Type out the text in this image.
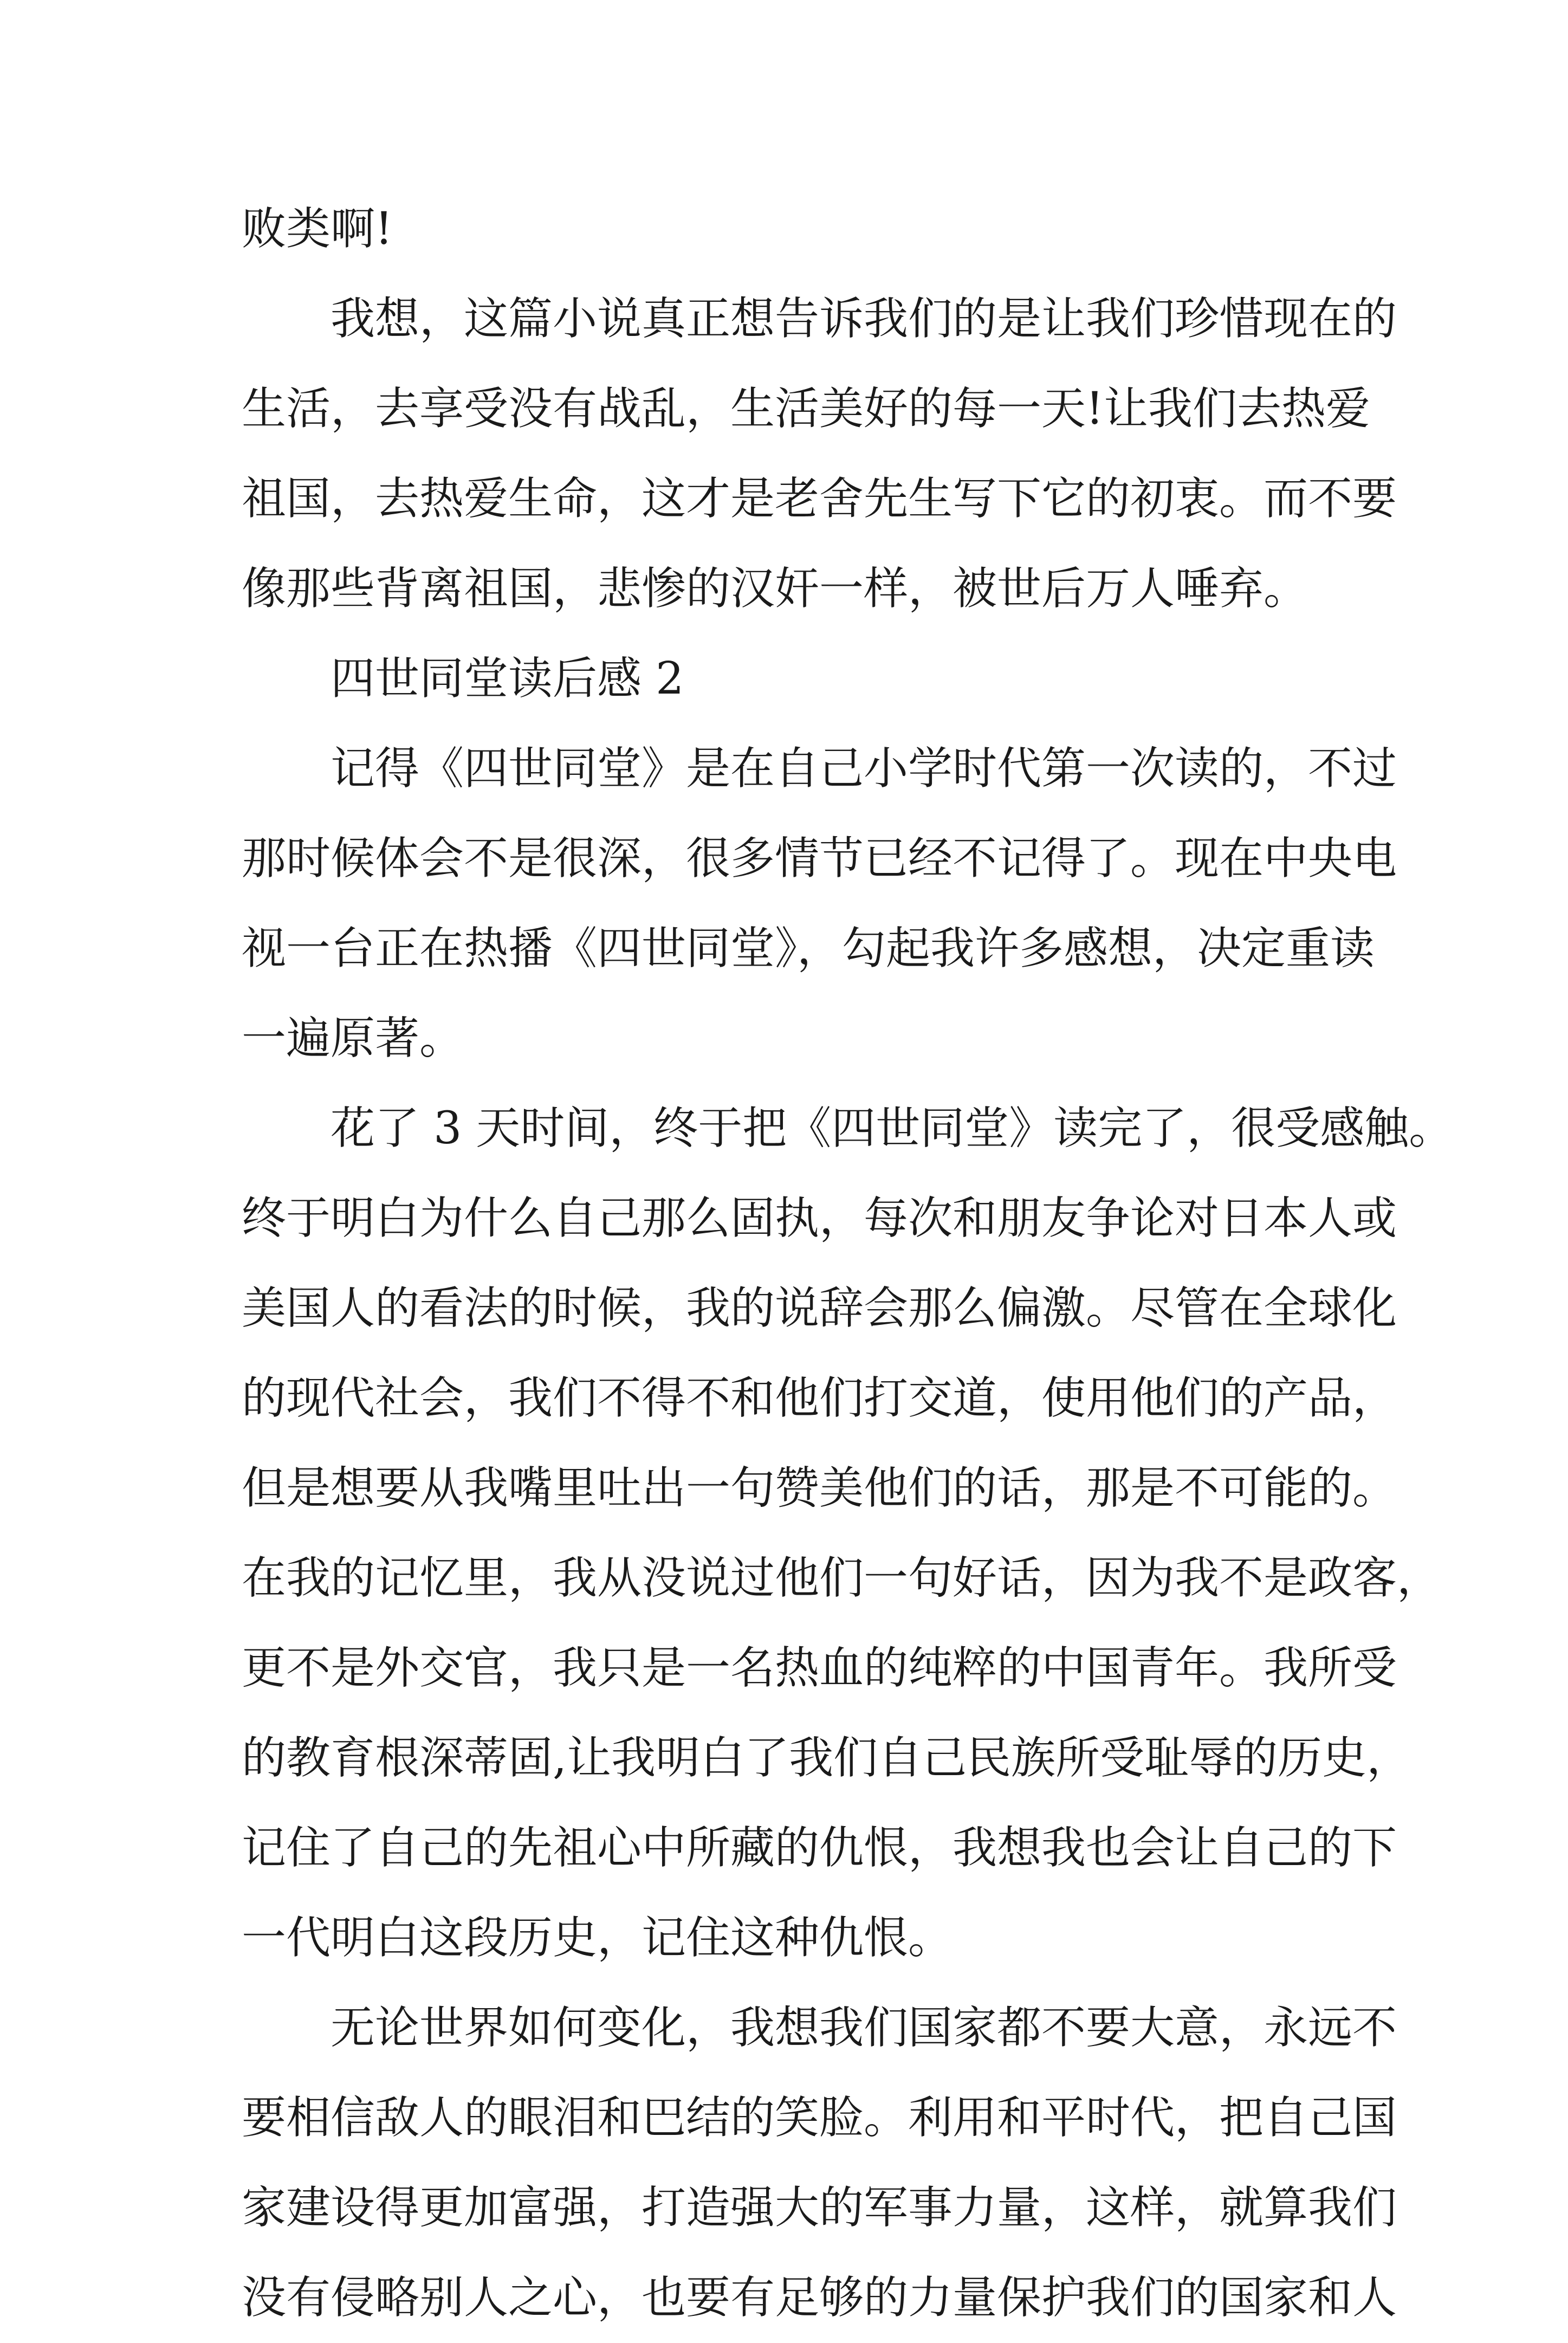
败类啊!
我想，这篇小说真正想告诉我们的是让我们珍惜现在的
生活，去享受没有战乱，生活美好的每一天!让我们去热爱
祖国，去热爱生命，这才是老舍先生写下它的初衷。而不要
像那些背离祖国，悲惨的汉奸一样，被世后万人唾弃。
四世同堂读后感 2
记得《四世同堂》是在自己小学时代第一次读的，不过
那时候体会不是很深，很多情节已经不记得了。现在中央电
视一台正在热播《四世同堂》，勾起我许多感想，决定重读
一遍原著。
花了 3 天时间，终于把《四世同堂》读完了，很受感触。
终于明白为什么自己那么固执，每次和朋友争论对日本人或
美国人的看法的时候，我的说辞会那么偏激。尽管在全球化
的现代社会，我们不得不和他们打交道，使用他们的产品，
但是想要从我嘴里吐出一句赞美他们的话，那是不可能的。
在我的记忆里，我从没说过他们一句好话，因为我不是政客，
更不是外交官，我只是一名热血的纯粹的中国青年。我所受
的教育根深蒂固,让我明白了我们自己民族所受耻辱的历史，
记住了自己的先祖心中所藏的仇恨，我想我也会让自己的下
一代明白这段历史，记住这种仇恨。
无论世界如何变化，我想我们国家都不要大意，永远不
要相信敌人的眼泪和巴结的笑脸。利用和平时代，把自己国
家建设得更加富强，打造强大的军事力量，这样，就算我们
没有侵略别人之心，也要有足够的力量保护我们的国家和人
